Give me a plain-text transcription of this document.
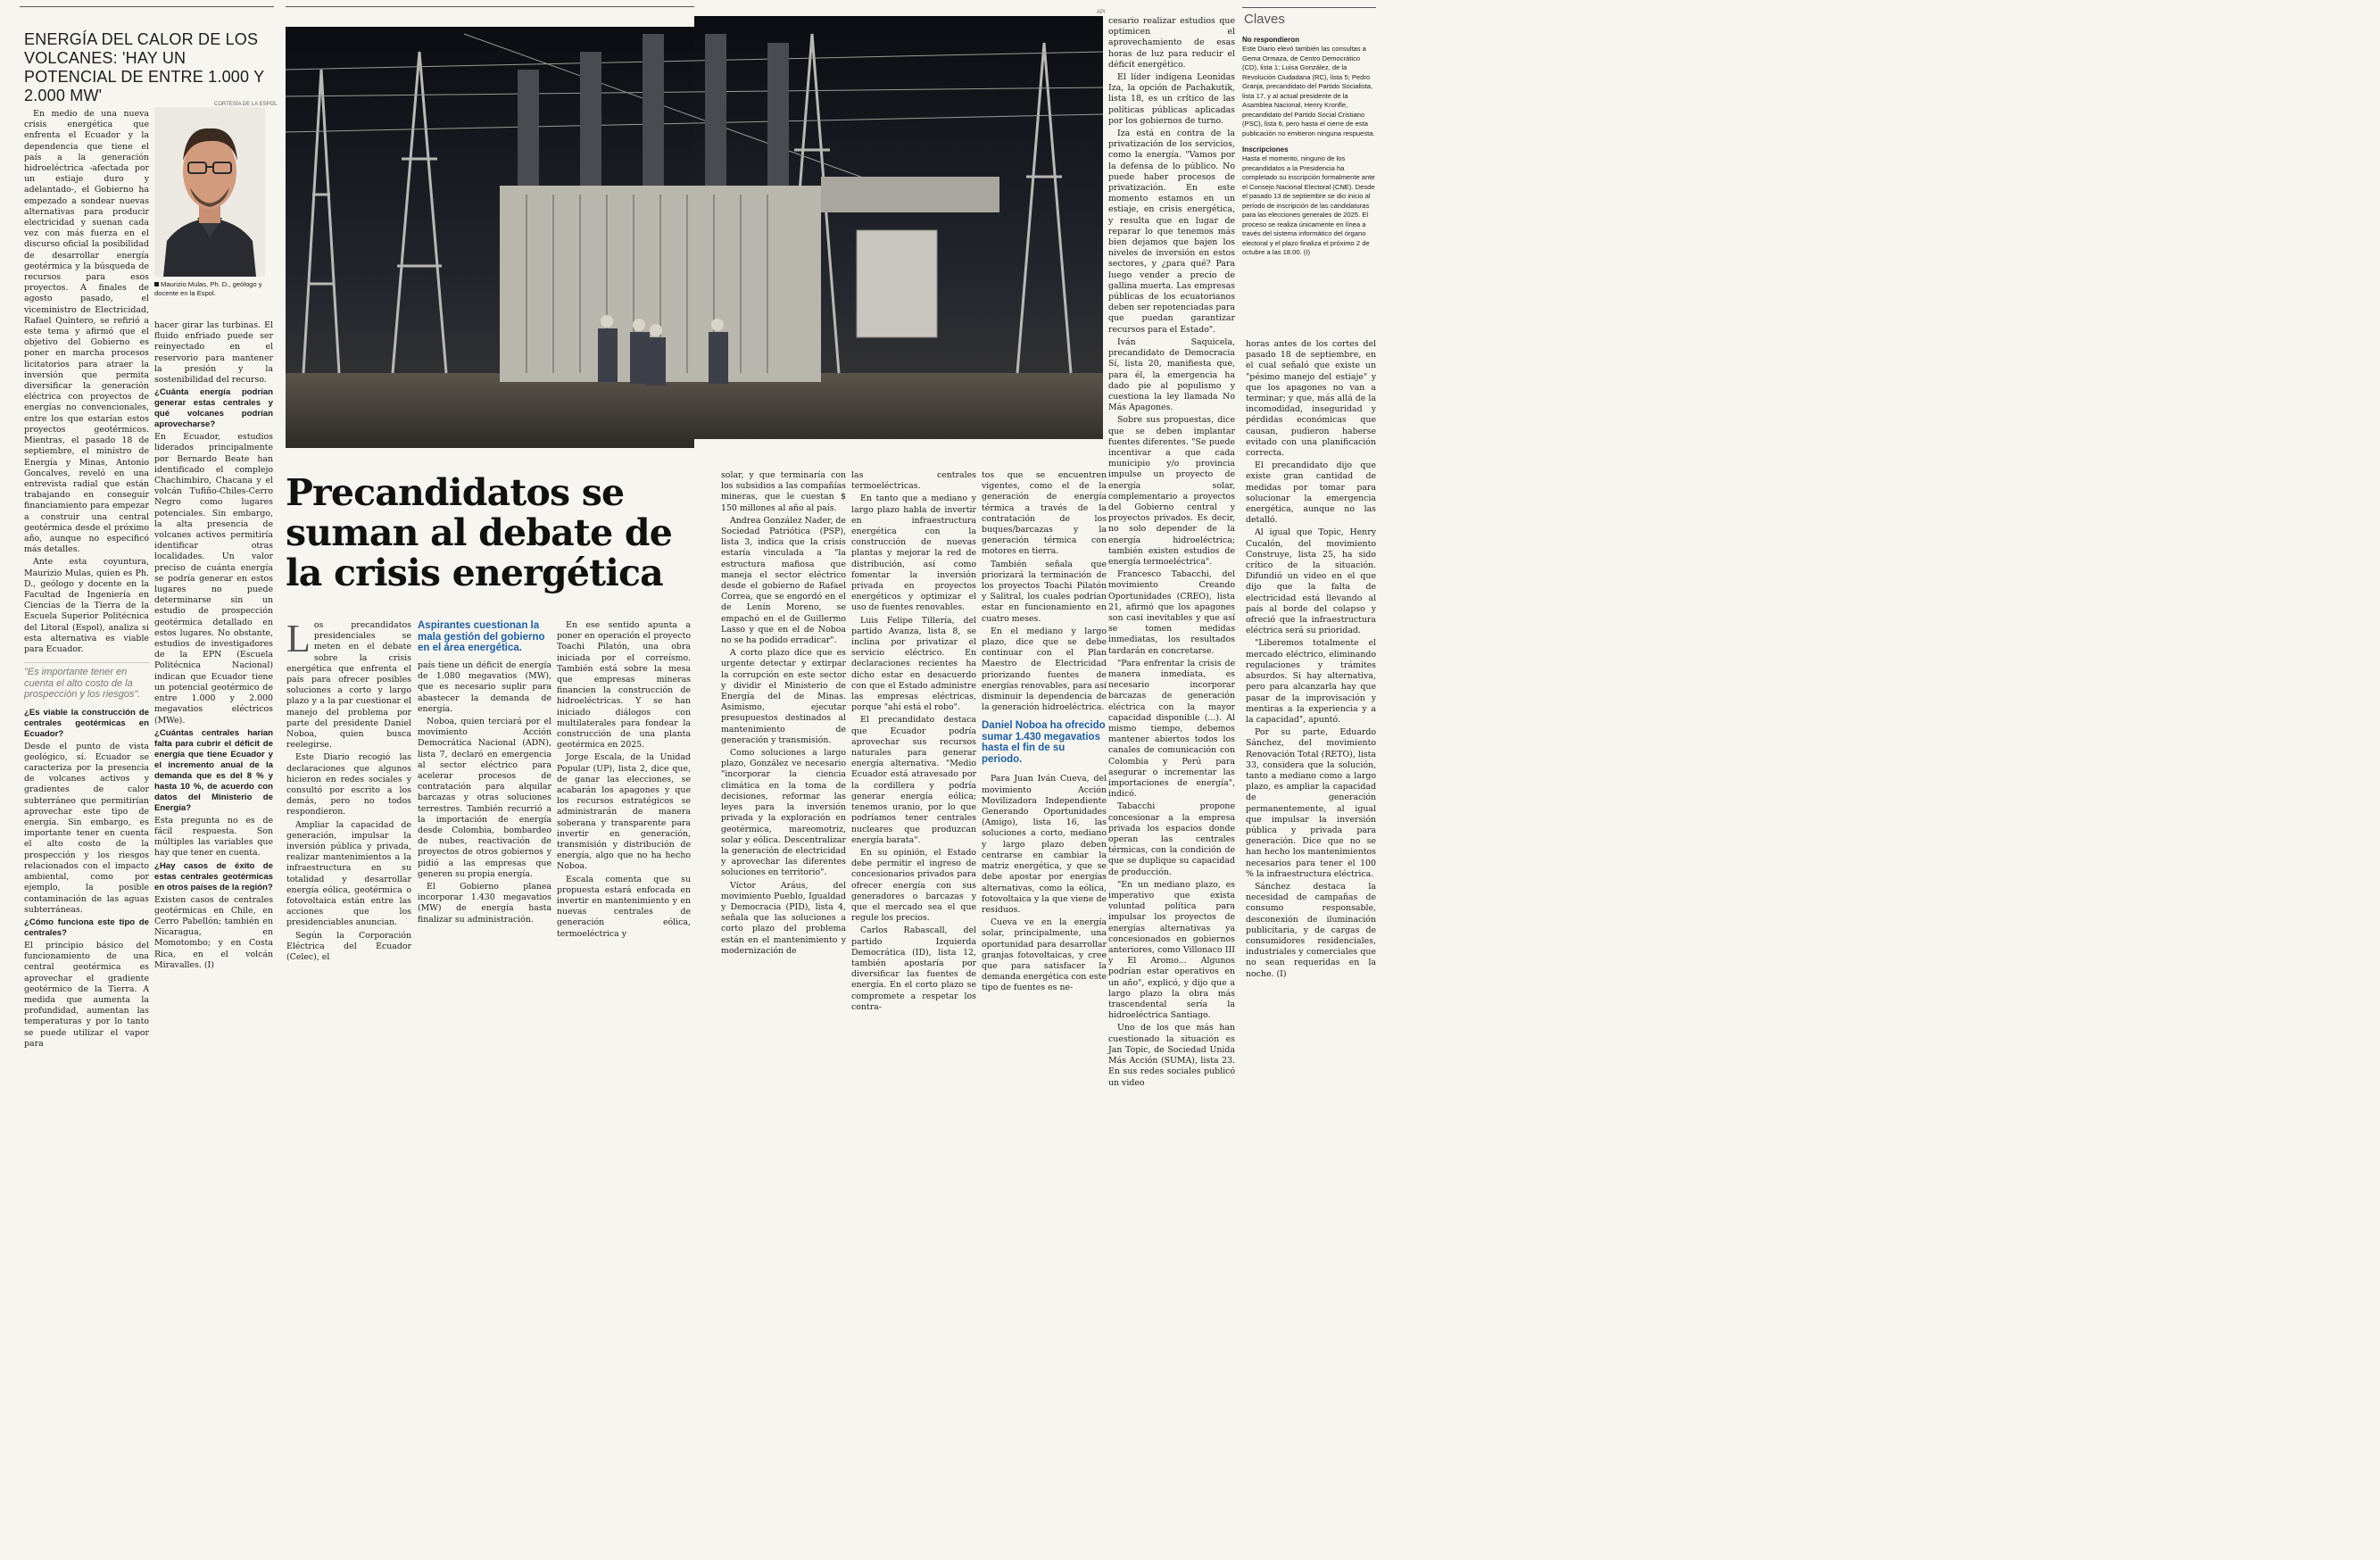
ENERGÍA DEL CALOR DE LOS VOLCANES: 'HAY UN POTENCIAL DE ENTRE 1.000 Y 2.000 MW'

En medio de una nueva crisis energética que enfrenta el Ecuador y la dependencia que tiene el país a la generación hidroeléctrica -afectada por un estiaje duro y adelantado-, el Gobierno ha empezado a sondear nuevas alternativas para producir electricidad y suenan cada vez con más fuerza en el discurso oficial la posibilidad de desarrollar energía geotérmica y la búsqueda de recursos para esos proyectos. A finales de agosto pasado, el viceministro de Electricidad, Rafael Quintero, se refirió a este tema y afirmó que el objetivo del Gobierno es poner en marcha procesos licitatorios para atraer la inversión que permita diversificar la generación eléctrica con proyectos de energías no convencionales, entre los que estarían estos proyectos geotérmicos. Mientras, el pasado 18 de septiembre, el ministro de Energía y Minas, Antonio Goncalves, reveló en una entrevista radial que están trabajando en conseguir financiamiento para empezar a construir una central geotérmica desde el próximo año, aunque no especificó más detalles.

Ante esta coyuntura, Maurizio Mulas, quien es Ph. D., geólogo y docente en la Facultad de Ingeniería en Ciencias de la Tierra de la Escuela Superior Politécnica del Litoral (Espol), analiza si esta alternativa es viable para Ecuador.

"Es importante tener en cuenta el alto costo de la prospección y los riesgos".

¿Es viable la construcción de centrales geotérmicas en Ecuador?

Desde el punto de vista geológico, sí. Ecuador se caracteriza por la presencia de volcanes activos y gradientes de calor subterráneo que permitirían aprovechar este tipo de energía. Sin embargo, es importante tener en cuenta el alto costo de la prospección y los riesgos relacionados con el impacto ambiental, como por ejemplo, la posible contaminación de las aguas subterráneas.

¿Cómo funciona este tipo de centrales?

El principio básico del funcionamiento de una central geotérmica es aprovechar el gradiente geotérmico de la Tierra. A medida que aumenta la profundidad, aumentan las temperaturas y por lo tanto se puede utilizar el vapor para

CORTESÍA DE LA ESPOL
Maurizio Mulas, Ph. D., geólogo y docente en la Espol.

hacer girar las turbinas. El fluido enfriado puede ser reinyectado en el reservorio para mantener la presión y la sostenibilidad del recurso.

¿Cuánta energía podrían generar estas centrales y qué volcanes podrían aprovecharse?

En Ecuador, estudios liderados principalmente por Bernardo Beate han identificado el complejo Chachimbiro, Chacana y el volcán Tufiño-Chiles-Cerro Negro como lugares potenciales. Sin embargo, la alta presencia de volcanes activos permitiría identificar otras localidades. Un valor preciso de cuánta energía se podría generar en estos lugares no puede determinarse sin un estudio de prospección geotérmica detallado en estos lugares. No obstante, estudios de investigadores de la EPN (Escuela Politécnica Nacional) indican que Ecuador tiene un potencial geotérmico de entre 1.000 y 2.000 megavatios eléctricos (MWe).

¿Cuántas centrales harían falta para cubrir el déficit de energía que tiene Ecuador y el incremento anual de la demanda que es del 8 % y hasta 10 %, de acuerdo con datos del Ministerio de Energía?

Esta pregunta no es de fácil respuesta. Son múltiples las variables que hay que tener en cuenta.

¿Hay casos de éxito de estas centrales geotérmicas en otros países de la región?

Existen casos de centrales geotérmicas en Chile, en Cerro Pabellón; también en Nicaragua, en Momotombo; y en Costa Rica, en el volcán Miravalles. (I)

API
Precandidatos se suman al debate de la crisis energética

L os precandidatos presidenciales se meten en el debate sobre la crisis energética que enfrenta el país para ofrecer posibles soluciones a corto y largo plazo y a la par cuestionar el manejo del problema por parte del presidente Daniel Noboa, quien busca reelegirse.

Este Diario recogió las declaraciones que algunos hicieron en redes sociales y consultó por escrito a los demás, pero no todos respondieron.

Ampliar la capacidad de generación, impulsar la inversión pública y privada, realizar mantenimientos a la infraestructura en su totalidad y desarrollar energía eólica, geotérmica o fotovoltaica están entre las acciones que los presidenciables anuncian.

Según la Corporación Eléctrica del Ecuador (Celec), el

Aspirantes cuestionan la mala gestión del gobierno en el área energética.

país tiene un déficit de energía de 1.080 megavatios (MW), que es necesario suplir para abastecer la demanda de energía.

Noboa, quien terciará por el movimiento Acción Democrática Nacional (ADN), lista 7, declaró en emergencia al sector eléctrico para acelerar procesos de contratación para alquilar barcazas y otras soluciones terrestres. También recurrió a la importación de energía desde Colombia, bombardeo de nubes, reactivación de proyectos de otros gobiernos y pidió a las empresas que generen su propia energía.

El Gobierno planea incorporar 1.430 megavatios (MW) de energía hasta finalizar su administración.

En ese sentido apunta a poner en operación el proyecto Toachi Pilatón, una obra iniciada por el correísmo. También está sobre la mesa que empresas mineras financien la construcción de hidroeléctricas. Y se han iniciado diálogos con multilaterales para fondear la construcción de una planta geotérmica en 2025.

Jorge Escala, de la Unidad Popular (UP), lista 2, dice que, de ganar las elecciones, se acabarán los apagones y que los recursos estratégicos se administrarán de manera soberana y transparente para invertir en generación, transmisión y distribución de energía, algo que no ha hecho Noboa.

Escala comenta que su propuesta estará enfocada en invertir en mantenimiento y en nuevas centrales de generación eólica, termoeléctrica y

solar, y que terminaría con los subsidios a las compañías mineras, que le cuestan $ 150 millones al año al país.

Andrea González Nader, de Sociedad Patriótica (PSP), lista 3, indica que la crisis estaría vinculada a "la estructura mafiosa que maneja el sector eléctrico desde el gobierno de Rafael Correa, que se engordó en el de Lenín Moreno, se empachó en el de Guillermo Lasso y que en el de Noboa no se ha podido erradicar".

A corto plazo dice que es urgente detectar y extirpar la corrupción en este sector y dividir el Ministerio de Energía del de Minas. Asimismo, ejecutar presupuestos destinados al mantenimiento de generación y transmisión.

Como soluciones a largo plazo, González ve necesario "incorporar la ciencia climática en la toma de decisiones, reformar las leyes para la inversión privada y la exploración en geotérmica, mareomotriz, solar y eólica. Descentralizar la generación de electricidad y aprovechar las diferentes soluciones en territorio".

Víctor Aráus, del movimiento Pueblo, Igualdad y Democracia (PID), lista 4, señala que las soluciones a corto plazo del problema están en el mantenimiento y modernización de

las centrales termoeléctricas.

En tanto que a mediano y largo plazo habla de invertir en infraestructura energética con la construcción de nuevas plantas y mejorar la red de distribución, así como fomentar la inversión privada en proyectos energéticos y optimizar el uso de fuentes renovables.

Luis Felipe Tillería, del partido Avanza, lista 8, se inclina por privatizar el servicio eléctrico. En declaraciones recientes ha dicho estar en desacuerdo con que el Estado administre las empresas eléctricas, porque "ahí está el robo".

El precandidato destaca que Ecuador podría aprovechar sus recursos naturales para generar energía alternativa. "Medio Ecuador está atravesado por la cordillera y podría generar energía eólica; tenemos uranio, por lo que podríamos tener centrales nucleares que produzcan energía barata".

En su opinión, el Estado debe permitir el ingreso de concesionarios privados para ofrecer energía con sus generadores o barcazas y que el mercado sea el que regule los precios.

Carlos Rabascall, del partido Izquierda Democrática (ID), lista 12, también apostaría por diversificar las fuentes de energía. En el corto plazo se compromete a respetar los contra-

tos que se encuentren vigentes, como el de la generación de energía térmica a través de la contratación de los buques/barcazas y la generación térmica con motores en tierra.

También señala que priorizará la terminación de los proyectos Toachi Pilatón y Salitral, los cuales podrían estar en funcionamiento en cuatro meses.

En el mediano y largo plazo, dice que se debe continuar con el Plan Maestro de Electricidad priorizando fuentes de energías renovables, para así disminuir la dependencia de la generación hidroeléctrica.

Daniel Noboa ha ofrecido sumar 1.430 megavatios hasta el fin de su periodo.

Para Juan Iván Cueva, del movimiento Acción Movilizadora Independiente Generando Oportunidades (Amigo), lista 16, las soluciones a corto, mediano y largo plazo deben centrarse en cambiar la matriz energética, y que se debe apostar por energías alternativas, como la eólica, fotovoltaica y la que viene de residuos.

Cueva ve en la energía solar, principalmente, una oportunidad para desarrollar granjas fotovoltaicas, y cree que para satisfacer la demanda energética con este tipo de fuentes es ne-

cesario realizar estudios que optimicen el aprovechamiento de esas horas de luz para reducir el déficit energético.

El líder indígena Leonidas Iza, la opción de Pachakutik, lista 18, es un crítico de las políticas públicas aplicadas por los gobiernos de turno.

Iza está en contra de la privatización de los servicios, como la energía. "Vamos por la defensa de lo público. No puede haber procesos de privatización. En este momento estamos en un estiaje, en crisis energética, y resulta que en lugar de reparar lo que tenemos más bien dejamos que bajen los niveles de inversión en estos sectores, y ¿para qué? Para luego vender a precio de gallina muerta. Las empresas públicas de los ecuatorianos deben ser repotenciadas para que puedan garantizar recursos para el Estado".

Iván Saquicela, precandidato de Democracia Sí, lista 20, manifiesta que, para él, la emergencia ha dado pie al populismo y cuestiona la ley llamada No Más Apagones.

Sobre sus propuestas, dice que se deben implantar fuentes diferentes. "Se puede incentivar a que cada municipio y/o provincia impulse un proyecto de energía solar, complementario a proyectos del Gobierno central y proyectos privados. Es decir, no solo depender de la energía hidroeléctrica; también existen estudios de energía termoeléctrica".

Francesco Tabacchi, del movimiento Creando Oportunidades (CREO), lista 21, afirmó que los apagones son casi inevitables y que así se tomen medidas inmediatas, los resultados tardarán en concretarse.

"Para enfrentar la crisis de manera inmediata, es necesario incorporar barcazas de generación eléctrica con la mayor capacidad disponible (...). Al mismo tiempo, debemos mantener abiertos todos los canales de comunicación con Colombia y Perú para asegurar o incrementar las importaciones de energía", indicó.

Tabacchi propone concesionar a la empresa privada los espacios donde operan las centrales térmicas, con la condición de que se duplique su capacidad de producción.

"En un mediano plazo, es imperativo que exista voluntad política para impulsar los proyectos de energías alternativas ya concesionados en gobiernos anteriores, como Villonaco III y El Aromo... Algunos podrían estar operativos en un año", explicó, y dijo que a largo plazo la obra más trascendental sería la hidroeléctrica Santiago.

Uno de los que más han cuestionado la situación es Jan Topic, de Sociedad Unida Más Acción (SUMA), lista 23. En sus redes sociales publicó un video

Claves
No respondieron
Este Diario elevó también las consultas a Gema Ormaza, de Centro Democrático (CD), lista 1; Luisa González, de la Revolución Ciudadana (RC), lista 5; Pedro Granja, precandidato del Partido Socialista, lista 17, y al actual presidente de la Asamblea Nacional, Henry Kronfle, precandidato del Partido Social Cristiano (PSC), lista 6, pero hasta el cierre de esta publicación no emitieron ninguna respuesta.
Inscripciones
Hasta el momento, ninguno de los precandidatos a la Presidencia ha completado su inscripción formalmente ante el Consejo Nacional Electoral (CNE). Desde el pasado 13 de septiembre se dio inicio al período de inscripción de las candidaturas para las elecciones generales de 2025. El proceso se realiza únicamente en línea a través del sistema informático del órgano electoral y el plazo finaliza el próximo 2 de octubre a las 18.00. (I)

horas antes de los cortes del pasado 18 de septiembre, en el cual señaló que existe un "pésimo manejo del estiaje" y que los apagones no van a terminar; y que, más allá de la incomodidad, inseguridad y pérdidas económicas que causan, pudieron haberse evitado con una planificación correcta.

El precandidato dijo que existe gran cantidad de medidas por tomar para solucionar la emergencia energética, aunque no las detalló.

Al igual que Topic, Henry Cucalón, del movimiento Construye, lista 25, ha sido crítico de la situación. Difundió un video en el que dijo que la falta de electricidad está llevando al país al borde del colapso y ofreció que la infraestructura eléctrica será su prioridad.

"Liberemos totalmente el mercado eléctrico, eliminando regulaciones y trámites absurdos. Si hay alternativa, pero para alcanzarla hay que pasar de la improvisación y mentiras a la experiencia y a la capacidad", apuntó.

Por su parte, Eduardo Sánchez, del movimiento Renovación Total (RETO), lista 33, considera que la solución, tanto a mediano como a largo plazo, es ampliar la capacidad de generación permanentemente, al igual que impulsar la inversión pública y privada para generación. Dice que no se han hecho los mantenimientos necesarios para tener el 100 % la infraestructura eléctrica.

Sánchez destaca la necesidad de campañas de consumo responsable, desconexión de iluminación publicitaria, y de cargas de consumidores residenciales, industriales y comerciales que no sean requeridas en la noche. (I)
